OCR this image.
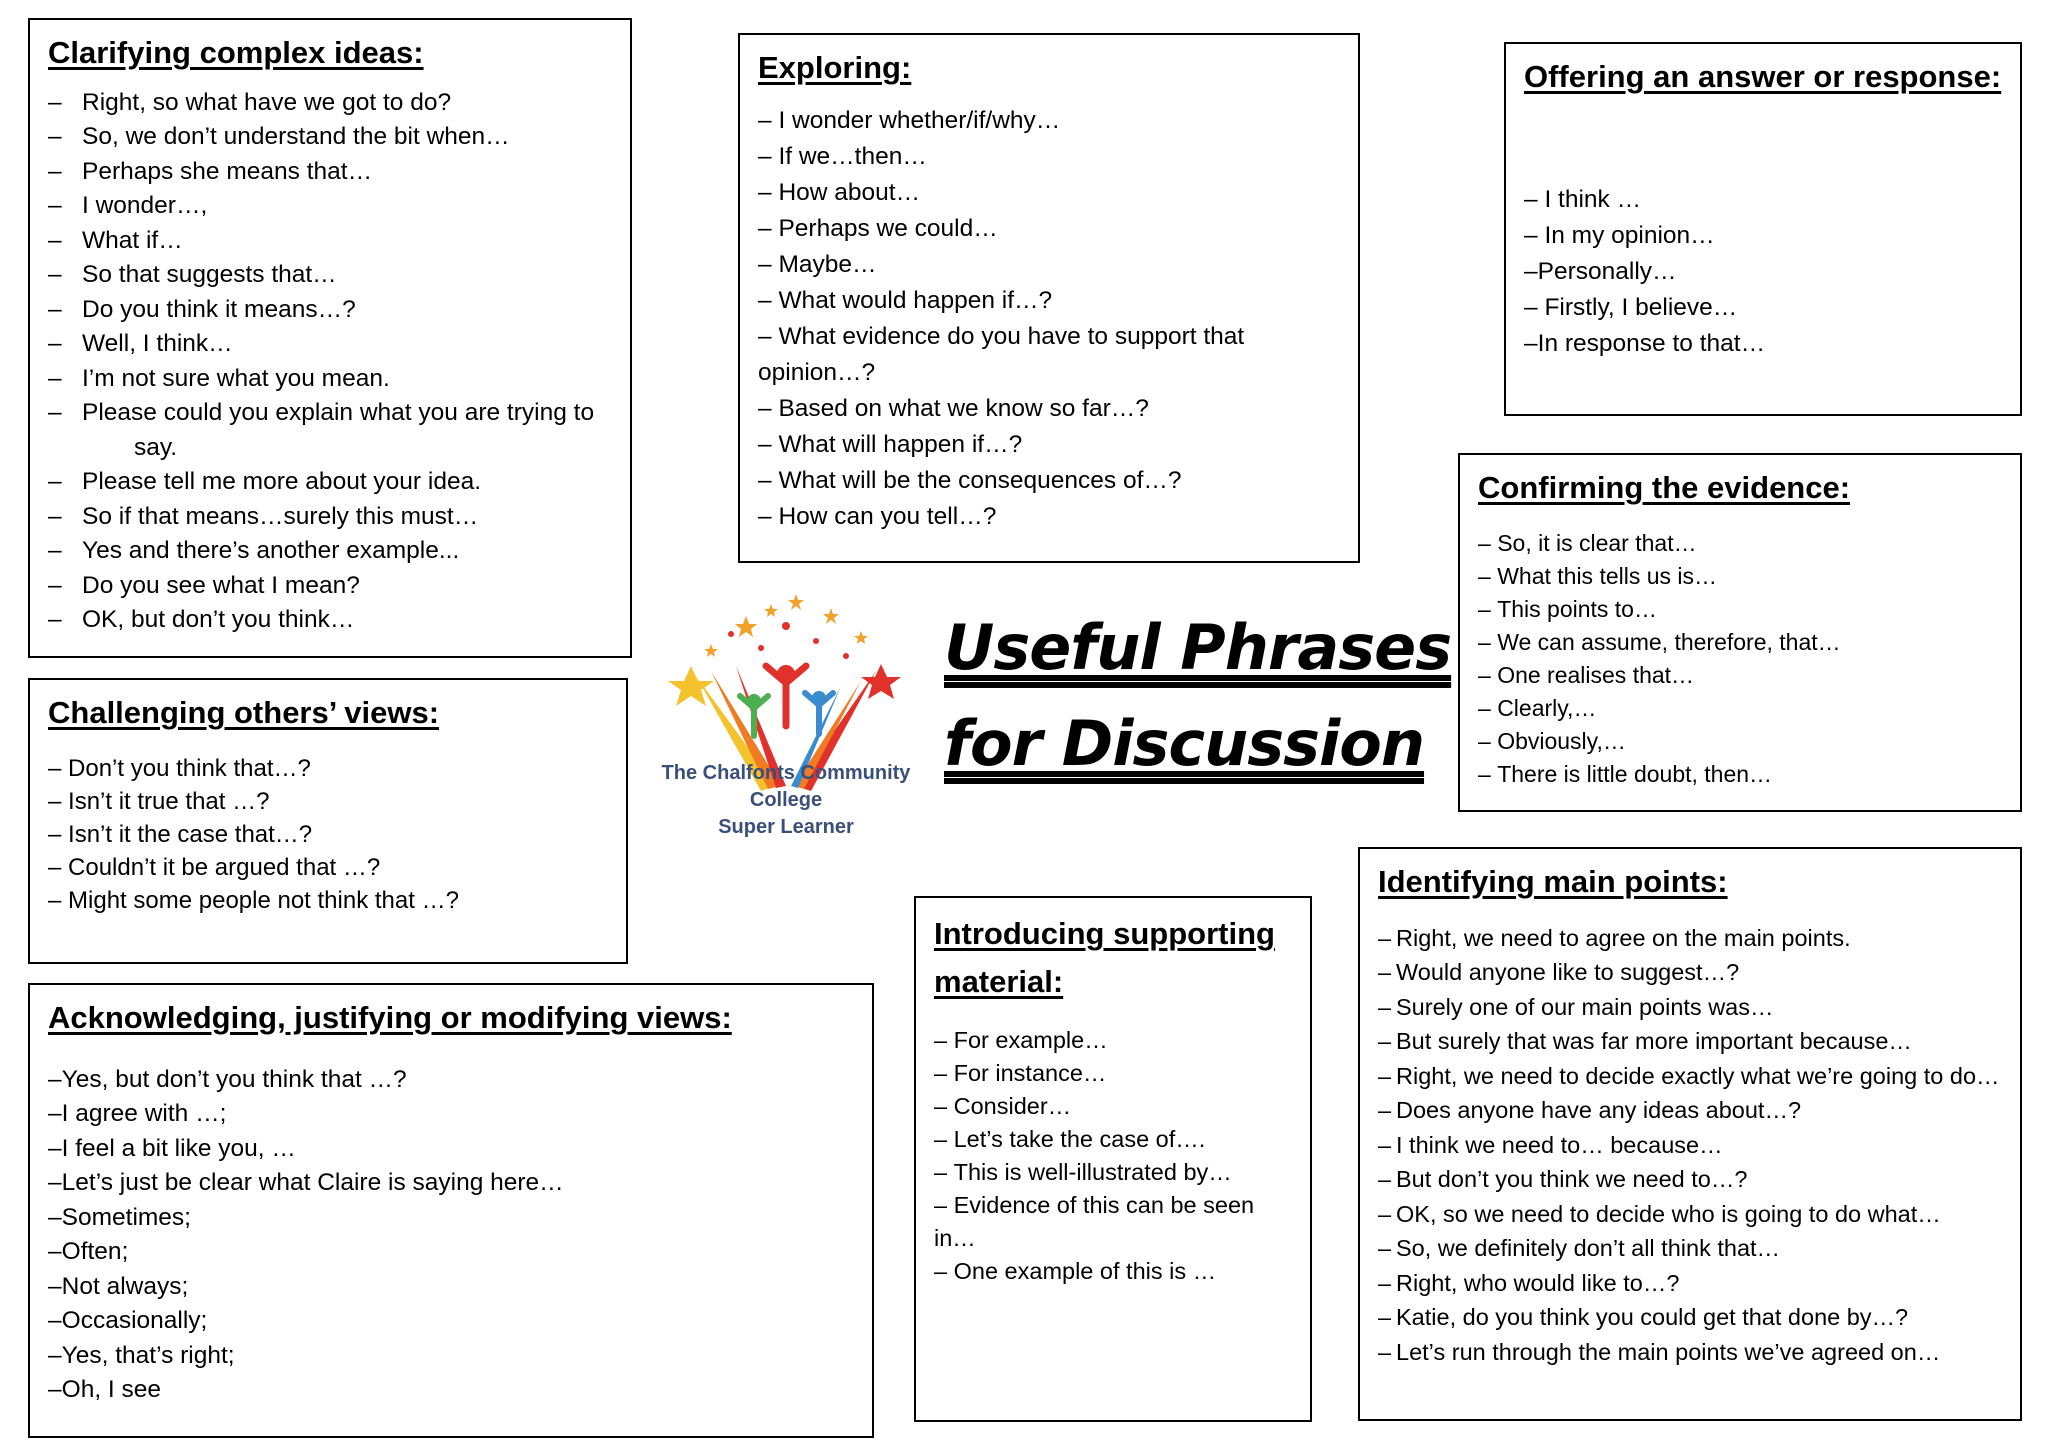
Clarifying complex ideas:
– Right, so what have we got to do?
– So, we don’t understand the bit when…
– Perhaps she means that…
– I wonder…,
– What if…
– So that suggests that…
– Do you think it means…?
– Well, I think…
– I’m not sure what you mean.
– Please could you explain what you are trying to
say.
– Please tell me more about your idea.
– So if that means…surely this must…
– Yes and there’s another example...
– Do you see what I mean?
– OK, but don’t you think…
Exploring:
– I wonder whether/if/why…
– If we…then…
– How about…
– Perhaps we could…
– Maybe…
– What would happen if…?
– What evidence do you have to support that opinion…?
– Based on what we know so far…?
– What will happen if…?
– What will be the consequences of…?
– How can you tell…?
Offering an answer or response:
– I think …
– In my opinion…
–Personally…
– Firstly, I believe…
–In response to that…
Confirming the evidence:
– So, it is clear that…
– What this tells us is…
– This points to…
– We can assume, therefore, that…
– One realises that…
– Clearly,…
– Obviously,…
– There is little doubt, then…
Challenging others’ views:
– Don’t you think that…?
– Isn’t it true that …?
– Isn’t it the case that…?
– Couldn’t it be argued that …?
– Might some people not think that …?
Acknowledging, justifying or modifying views:
– Yes, but don’t you think that …?
– I agree with …;
– I feel a bit like you, …
– Let’s just be clear what Claire is saying here…
– Sometimes;
– Often;
– Not always;
– Occasionally;
– Yes, that’s right;
– Oh, I see
Introducing supporting material:
– For example…
– For instance…
– Consider…
– Let’s take the case of….
– This is well-illustrated by…
– Evidence of this can be seen in…
– One example of this is …
Identifying main points:
– Right, we need to agree on the main points.
– Would anyone like to suggest…?
– Surely one of our main points was…
– But surely that was far more important because…
– Right, we need to decide exactly what we’re going to do…
– Does anyone have any ideas about…?
– I think we need to… because…
– But don’t you think we need to…?
– OK, so we need to decide who is going to do what…
– So, we definitely don’t all think that…
– Right, who would like to…?
– Katie, do you think you could get that done by…?
– Let’s run through the main points we’ve agreed on…
The Chalfonts Community College
Super Learner
Useful Phrases
for Discussion
